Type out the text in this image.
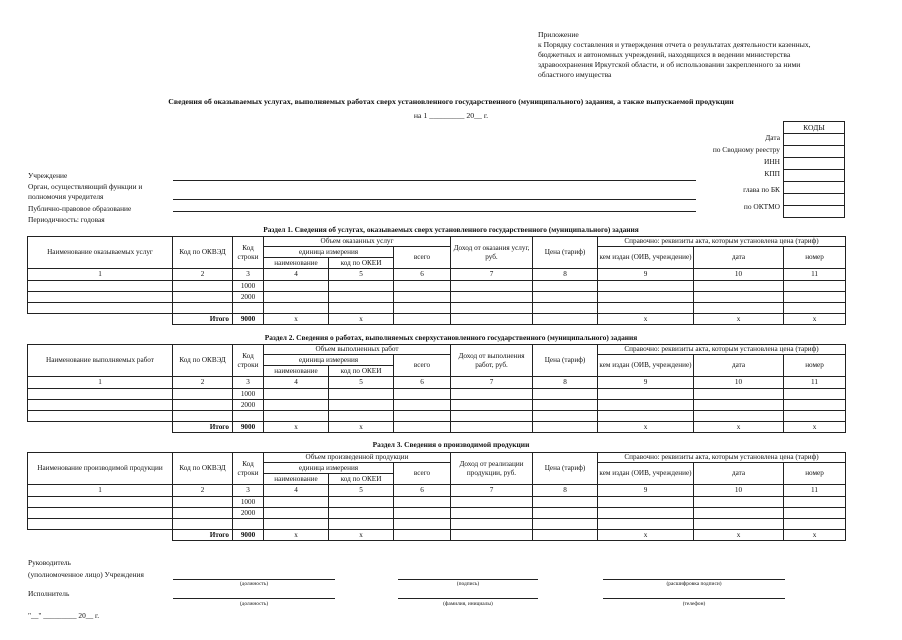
Приложение
к Порядку составления и утверждения отчета о результатах деятельности казенных,
бюджетных и автономных учреждений, находящихся в ведении министерства
здравоохранения Иркутской области, и об использовании закрепленного за ними
областного имущества
Сведения об оказываемых услугах, выполняемых работах сверх установленного государственного (муниципального) задания, а также выпускаемой продукции
на 1 _________ 20__ г.
КОДЫ

Дата
по Сводному реестру
ИНН
КПП
глава по БК
по ОКТМО
Учреждение
Орган, осуществляющий функции и
полномочия учредителя
Публично-правовое образование
Периодичность: годовая
Раздел 1. Сведения об услугах, оказываемых сверх установленного государственного (муниципального) задания
Наименование оказываемых услуг	Код по ОКВЭД	Код строки	Объем оказанных услуг			Доход от оказания услуг, руб.	Цена (тариф)	Справочно: реквизиты акта, которым установлена цена (тариф)		
			единица измерения		всего			кем издан (ОИВ, учреждение)	дата	номер
			наименование	код по ОКЕИ						
1	2	3	4	5	6	7	8	9	10	11
		1000								
		2000								

	Итого	9000	х	х				х	х	х
Раздел 2. Сведения о работах, выполняемых сверхустановленного государственного (муниципального) задания
Наименование выполняемых работ	Код по ОКВЭД	Код строки	Объем выполненных работ			Доход от выполнения работ, руб.	Цена (тариф)	Справочно: реквизиты акта, которым установлена цена (тариф)		
			единица измерения		всего			кем издан (ОИВ, учреждение)	дата	номер
			наименование	код по ОКЕИ						
1	2	3	4	5	6	7	8	9	10	11
		1000								
		2000								

	Итого	9000	х	х				х	х	х
Раздел 3. Сведения о производимой продукции
Наименование производимой продукции	Код по ОКВЭД	Код строки	Объем произведенной продукции			Доход от реализации продукции, руб.	Цена (тариф)	Справочно: реквизиты акта, которым установлена цена (тариф)		
			единица измерения		всего			кем издан (ОИВ, учреждение)	дата	номер
			наименование	код по ОКЕИ						
1	2	3	4	5	6	7	8	9	10	11
		1000								
		2000								

	Итого	9000	х	х				х	х	х
Руководитель
(уполномоченное лицо) Учреждения
(должность)	(подпись)	(расшифровка подписи)
Исполнитель
(должность)	(фамилия, инициалы)	(телефон)
"__" _________ 20__ г.
